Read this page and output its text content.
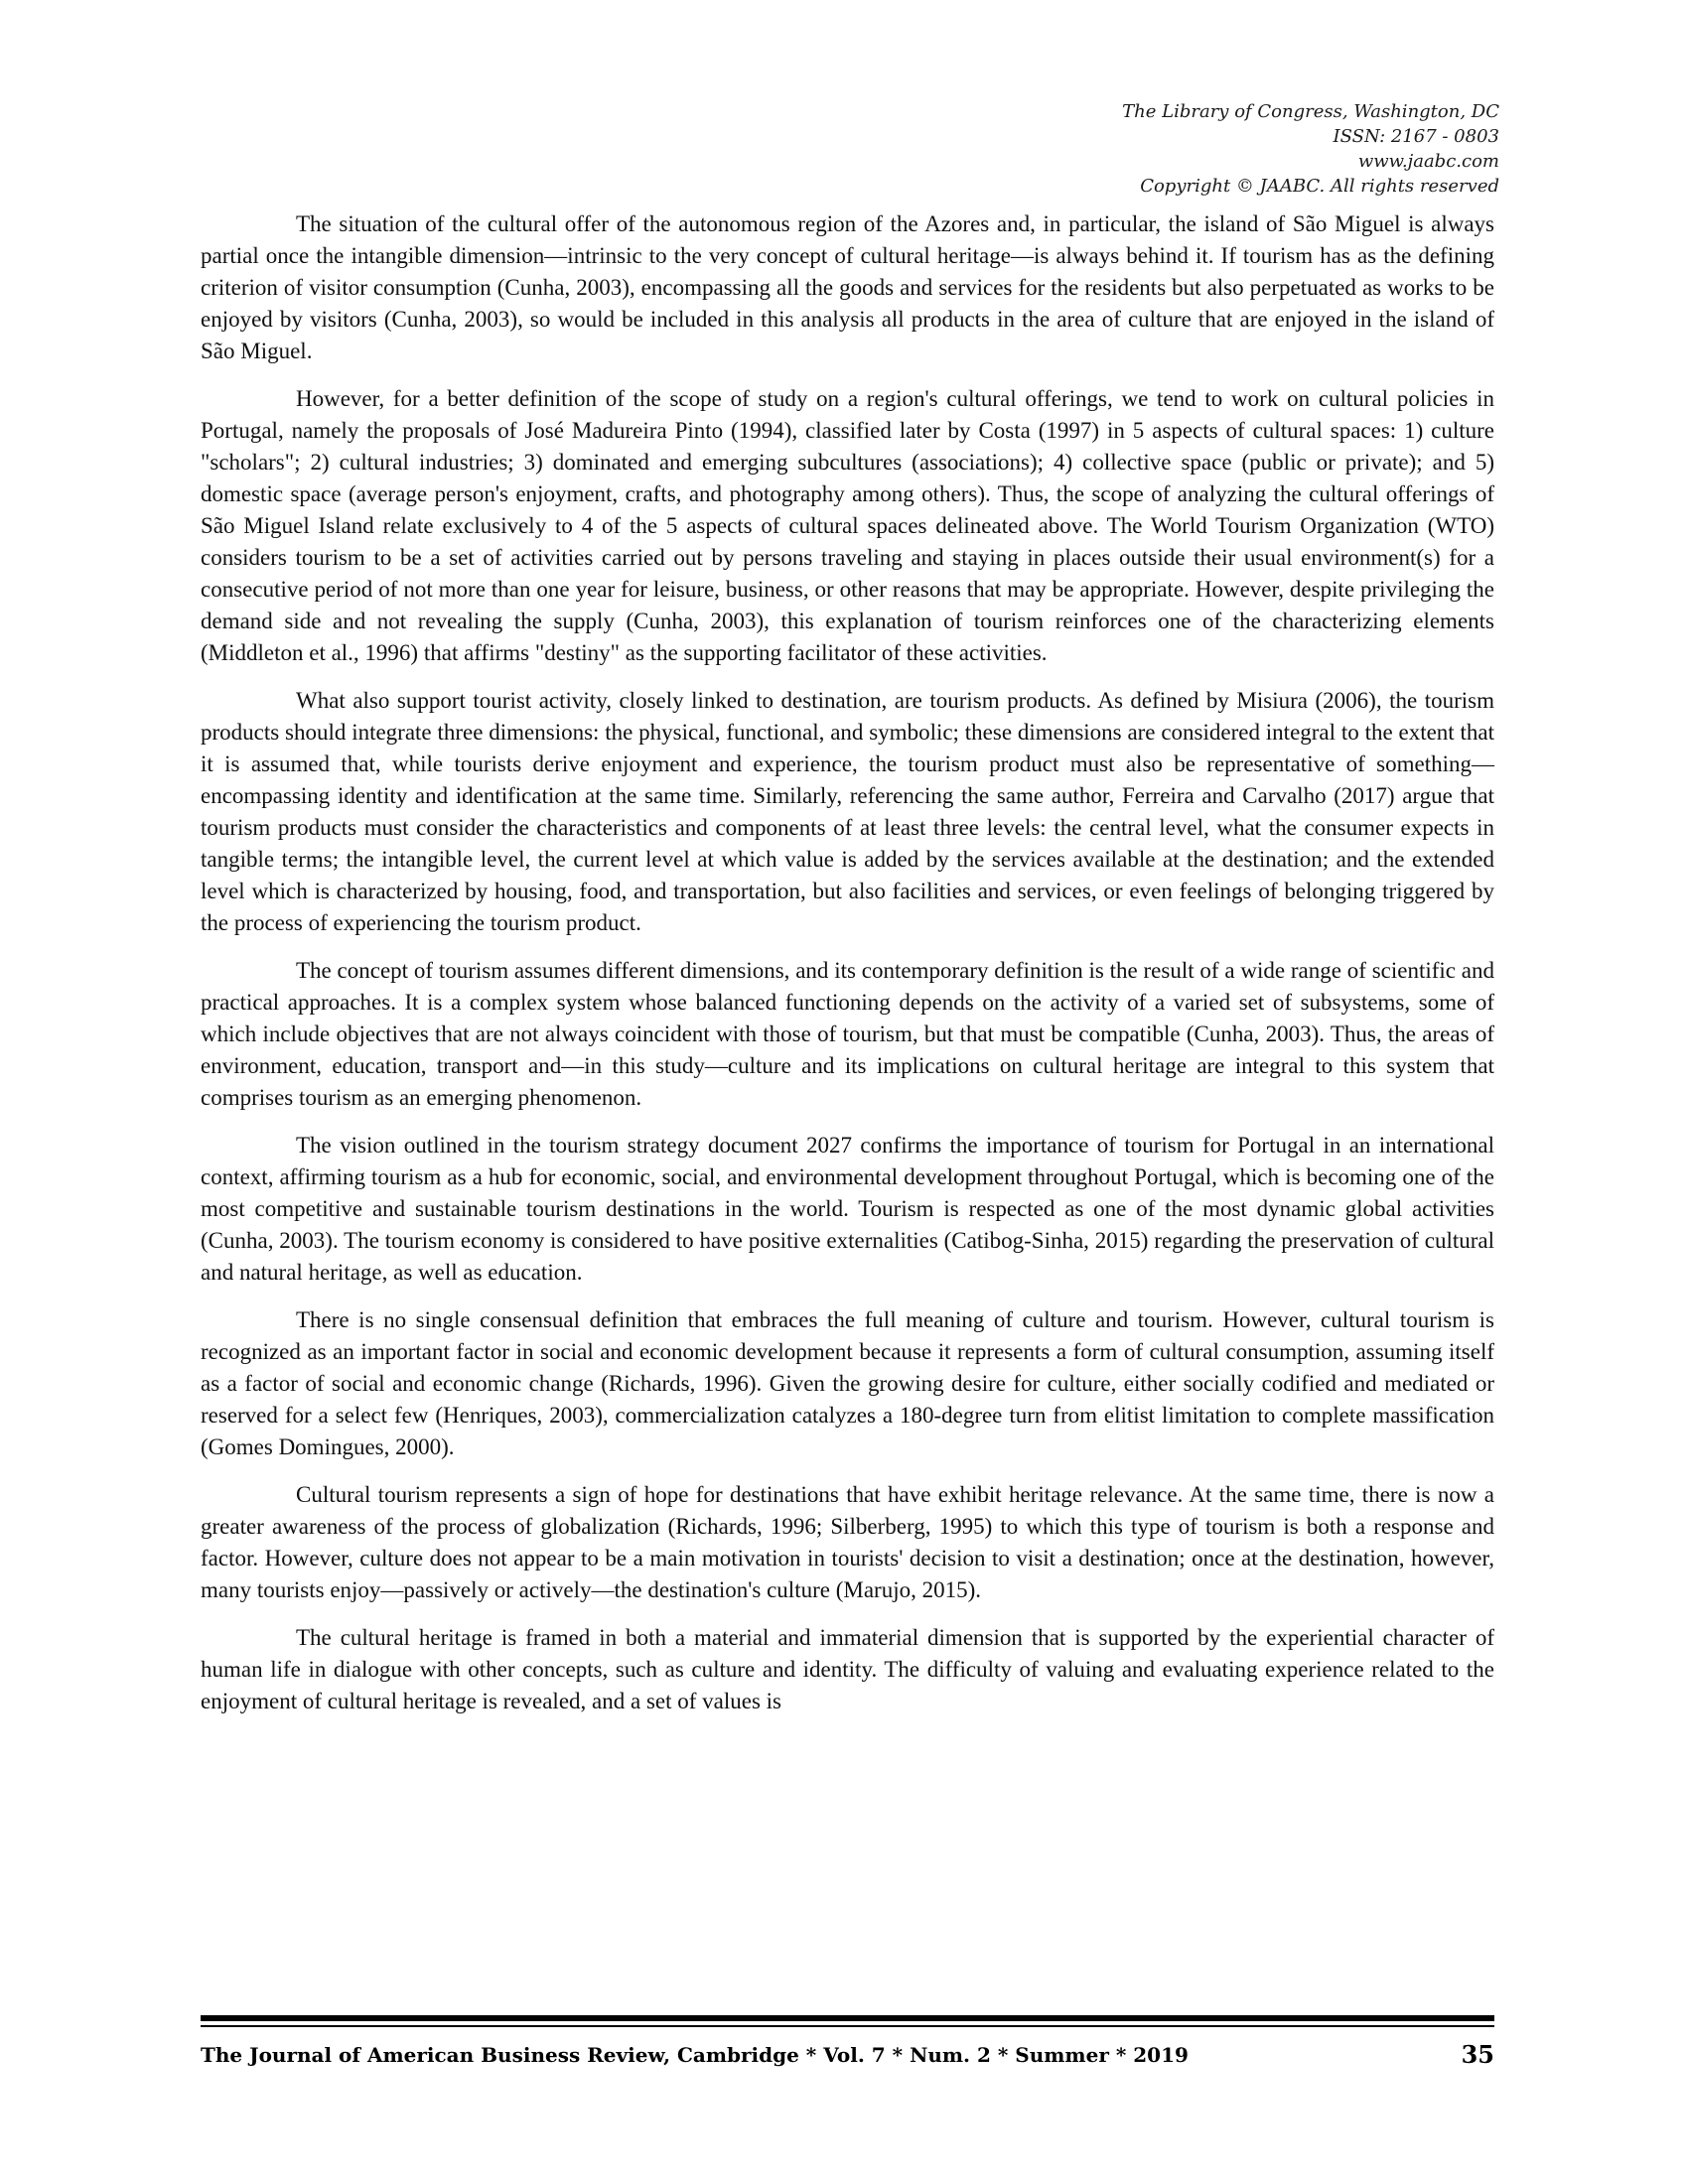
The Library of Congress, Washington, DC
ISSN: 2167 - 0803
www.jaabc.com
Copyright © JAABC. All rights reserved

The situation of the cultural offer of the autonomous region of the Azores and, in particular, the island of São Miguel is always partial once the intangible dimension—intrinsic to the very concept of cultural heritage—is always behind it. If tourism has as the defining criterion of visitor consumption (Cunha, 2003), encompassing all the goods and services for the residents but also perpetuated as works to be enjoyed by visitors (Cunha, 2003), so would be included in this analysis all products in the area of culture that are enjoyed in the island of São Miguel.

However, for a better definition of the scope of study on a region's cultural offerings, we tend to work on cultural policies in Portugal, namely the proposals of José Madureira Pinto (1994), classified later by Costa (1997) in 5 aspects of cultural spaces: 1) culture "scholars"; 2) cultural industries; 3) dominated and emerging subcultures (associations); 4) collective space (public or private); and 5) domestic space (average person's enjoyment, crafts, and photography among others). Thus, the scope of analyzing the cultural offerings of São Miguel Island relate exclusively to 4 of the 5 aspects of cultural spaces delineated above. The World Tourism Organization (WTO) considers tourism to be a set of activities carried out by persons traveling and staying in places outside their usual environment(s) for a consecutive period of not more than one year for leisure, business, or other reasons that may be appropriate. However, despite privileging the demand side and not revealing the supply (Cunha, 2003), this explanation of tourism reinforces one of the characterizing elements (Middleton et al., 1996) that affirms "destiny" as the supporting facilitator of these activities.

What also support tourist activity, closely linked to destination, are tourism products. As defined by Misiura (2006), the tourism products should integrate three dimensions: the physical, functional, and symbolic; these dimensions are considered integral to the extent that it is assumed that, while tourists derive enjoyment and experience, the tourism product must also be representative of something—encompassing identity and identification at the same time. Similarly, referencing the same author, Ferreira and Carvalho (2017) argue that tourism products must consider the characteristics and components of at least three levels: the central level, what the consumer expects in tangible terms; the intangible level, the current level at which value is added by the services available at the destination; and the extended level which is characterized by housing, food, and transportation, but also facilities and services, or even feelings of belonging triggered by the process of experiencing the tourism product.

The concept of tourism assumes different dimensions, and its contemporary definition is the result of a wide range of scientific and practical approaches. It is a complex system whose balanced functioning depends on the activity of a varied set of subsystems, some of which include objectives that are not always coincident with those of tourism, but that must be compatible (Cunha, 2003). Thus, the areas of environment, education, transport and—in this study—culture and its implications on cultural heritage are integral to this system that comprises tourism as an emerging phenomenon.

The vision outlined in the tourism strategy document 2027 confirms the importance of tourism for Portugal in an international context, affirming tourism as a hub for economic, social, and environmental development throughout Portugal, which is becoming one of the most competitive and sustainable tourism destinations in the world. Tourism is respected as one of the most dynamic global activities (Cunha, 2003). The tourism economy is considered to have positive externalities (Catibog-Sinha, 2015) regarding the preservation of cultural and natural heritage, as well as education.

There is no single consensual definition that embraces the full meaning of culture and tourism. However, cultural tourism is recognized as an important factor in social and economic development because it represents a form of cultural consumption, assuming itself as a factor of social and economic change (Richards, 1996). Given the growing desire for culture, either socially codified and mediated or reserved for a select few (Henriques, 2003), commercialization catalyzes a 180-degree turn from elitist limitation to complete massification (Gomes Domingues, 2000).

Cultural tourism represents a sign of hope for destinations that have exhibit heritage relevance. At the same time, there is now a greater awareness of the process of globalization (Richards, 1996; Silberberg, 1995) to which this type of tourism is both a response and factor. However, culture does not appear to be a main motivation in tourists' decision to visit a destination; once at the destination, however, many tourists enjoy—passively or actively—the destination's culture (Marujo, 2015).

The cultural heritage is framed in both a material and immaterial dimension that is supported by the experiential character of human life in dialogue with other concepts, such as culture and identity. The difficulty of valuing and evaluating experience related to the enjoyment of cultural heritage is revealed, and a set of values is

The Journal of American Business Review, Cambridge * Vol. 7 * Num. 2 * Summer * 2019	35
